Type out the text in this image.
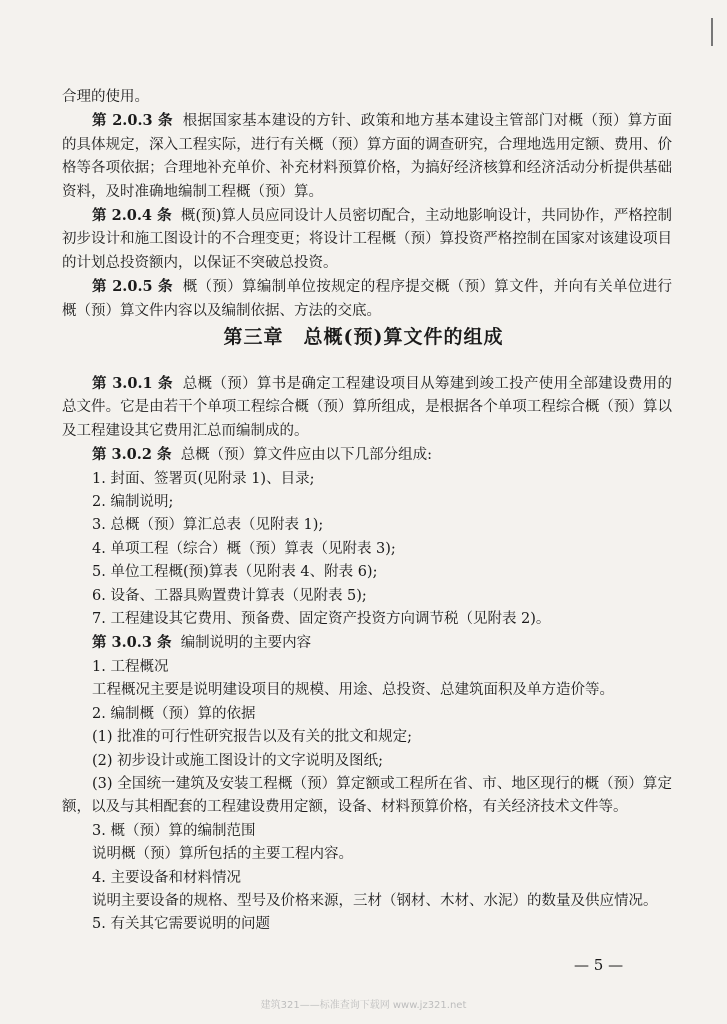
合理的使用。

第 2.0.3 条 根据国家基本建设的方针、政策和地方基本建设主管部门对概（预）算方面的具体规定，深入工程实际，进行有关概（预）算方面的调查研究，合理地选用定额、费用、价格等各项依据；合理地补充单价、补充材料预算价格，为搞好经济核算和经济活动分析提供基础资料，及时准确地编制工程概（预）算。

第 2.0.4 条 概(预)算人员应同设计人员密切配合，主动地影响设计，共同协作，严格控制初步设计和施工图设计的不合理变更；将设计工程概（预）算投资严格控制在国家对该建设项目的计划总投资额内，以保证不突破总投资。

第 2.0.5 条 概（预）算编制单位按规定的程序提交概（预）算文件，并向有关单位进行概（预）算文件内容以及编制依据、方法的交底。

第三章 总概(预)算文件的组成

第 3.0.1 条 总概（预）算书是确定工程建设项目从筹建到竣工投产使用全部建设费用的总文件。它是由若干个单项工程综合概（预）算所组成，是根据各个单项工程综合概（预）算以及工程建设其它费用汇总而编制成的。

第 3.0.2 条 总概（预）算文件应由以下几部分组成:

1. 封面、签署页(见附录 1)、目录;

2. 编制说明;

3. 总概（预）算汇总表（见附表 1);

4. 单项工程（综合）概（预）算表（见附表 3);

5. 单位工程概(预)算表（见附表 4、附表 6);

6. 设备、工器具购置费计算表（见附表 5);

7. 工程建设其它费用、预备费、固定资产投资方向调节税（见附表 2)。

第 3.0.3 条 编制说明的主要内容

1. 工程概况

工程概况主要是说明建设项目的规模、用途、总投资、总建筑面积及单方造价等。

2. 编制概（预）算的依据

(1) 批准的可行性研究报告以及有关的批文和规定;

(2) 初步设计或施工图设计的文字说明及图纸;

(3) 全国统一建筑及安装工程概（预）算定额或工程所在省、市、地区现行的概（预）算定额，以及与其相配套的工程建设费用定额，设备、材料预算价格，有关经济技术文件等。

3. 概（预）算的编制范围

说明概（预）算所包括的主要工程内容。

4. 主要设备和材料情况

说明主要设备的规格、型号及价格来源，三材（钢材、木材、水泥）的数量及供应情况。

5. 有关其它需要说明的问题

— 5 —
建筑321——标准查询下载网 www.jz321.net
